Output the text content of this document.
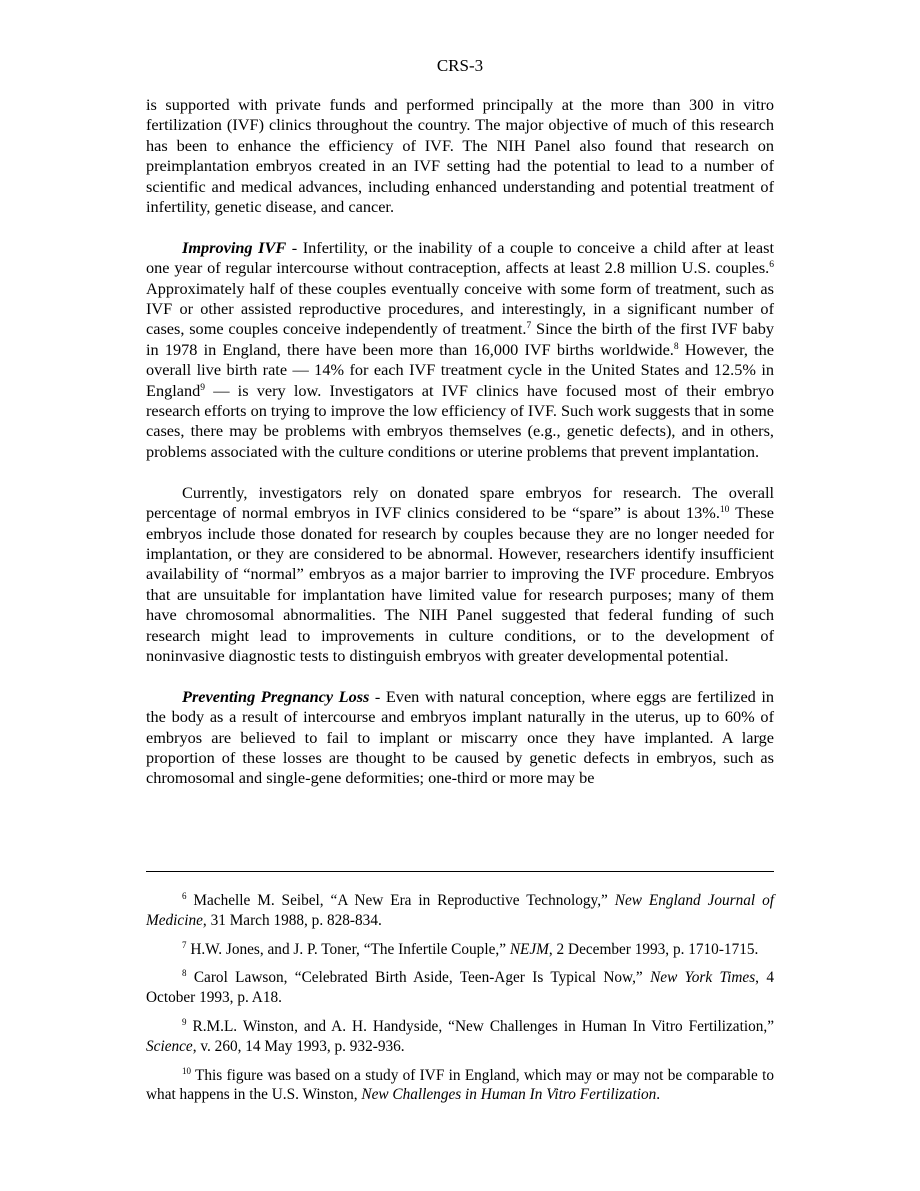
CRS-3

is supported with private funds and performed principally at the more than 300 in vitro fertilization (IVF) clinics throughout the country. The major objective of much of this research has been to enhance the efficiency of IVF. The NIH Panel also found that research on preimplantation embryos created in an IVF setting had the potential to lead to a number of scientific and medical advances, including enhanced understanding and potential treatment of infertility, genetic disease, and cancer.

Improving IVF - Infertility, or the inability of a couple to conceive a child after at least one year of regular intercourse without contraception, affects at least 2.8 million U.S. couples.$^6$ Approximately half of these couples eventually conceive with some form of treatment, such as IVF or other assisted reproductive procedures, and interestingly, in a significant number of cases, some couples conceive independently of treatment.$^7$ Since the birth of the first IVF baby in 1978 in England, there have been more than 16,000 IVF births worldwide.$^8$ However, the overall live birth rate — 14% for each IVF treatment cycle in the United States and 12.5% in England$^9$ — is very low. Investigators at IVF clinics have focused most of their embryo research efforts on trying to improve the low efficiency of IVF. Such work suggests that in some cases, there may be problems with embryos themselves (e.g., genetic defects), and in others, problems associated with the culture conditions or uterine problems that prevent implantation.

Currently, investigators rely on donated spare embryos for research. The overall percentage of normal embryos in IVF clinics considered to be “spare” is about 13%.$^{10}$ These embryos include those donated for research by couples because they are no longer needed for implantation, or they are considered to be abnormal. However, researchers identify insufficient availability of “normal” embryos as a major barrier to improving the IVF procedure. Embryos that are unsuitable for implantation have limited value for research purposes; many of them have chromosomal abnormalities. The NIH Panel suggested that federal funding of such research might lead to improvements in culture conditions, or to the development of noninvasive diagnostic tests to distinguish embryos with greater developmental potential.

Preventing Pregnancy Loss - Even with natural conception, where eggs are fertilized in the body as a result of intercourse and embryos implant naturally in the uterus, up to 60% of embryos are believed to fail to implant or miscarry once they have implanted. A large proportion of these losses are thought to be caused by genetic defects in embryos, such as chromosomal and single-gene deformities; one-third or more may be

$^6$ Machelle M. Seibel, “A New Era in Reproductive Technology,” New England Journal of Medicine, 31 March 1988, p. 828-834.

$^7$ H.W. Jones, and J. P. Toner, “The Infertile Couple,” NEJM, 2 December 1993, p. 1710-1715.

$^8$ Carol Lawson, “Celebrated Birth Aside, Teen-Ager Is Typical Now,” New York Times, 4 October 1993, p. A18.

$^9$ R.M.L. Winston, and A. H. Handyside, “New Challenges in Human In Vitro Fertilization,” Science, v. 260, 14 May 1993, p. 932-936.

$^{10}$ This figure was based on a study of IVF in England, which may or may not be comparable to what happens in the U.S. Winston, New Challenges in Human In Vitro Fertilization.
